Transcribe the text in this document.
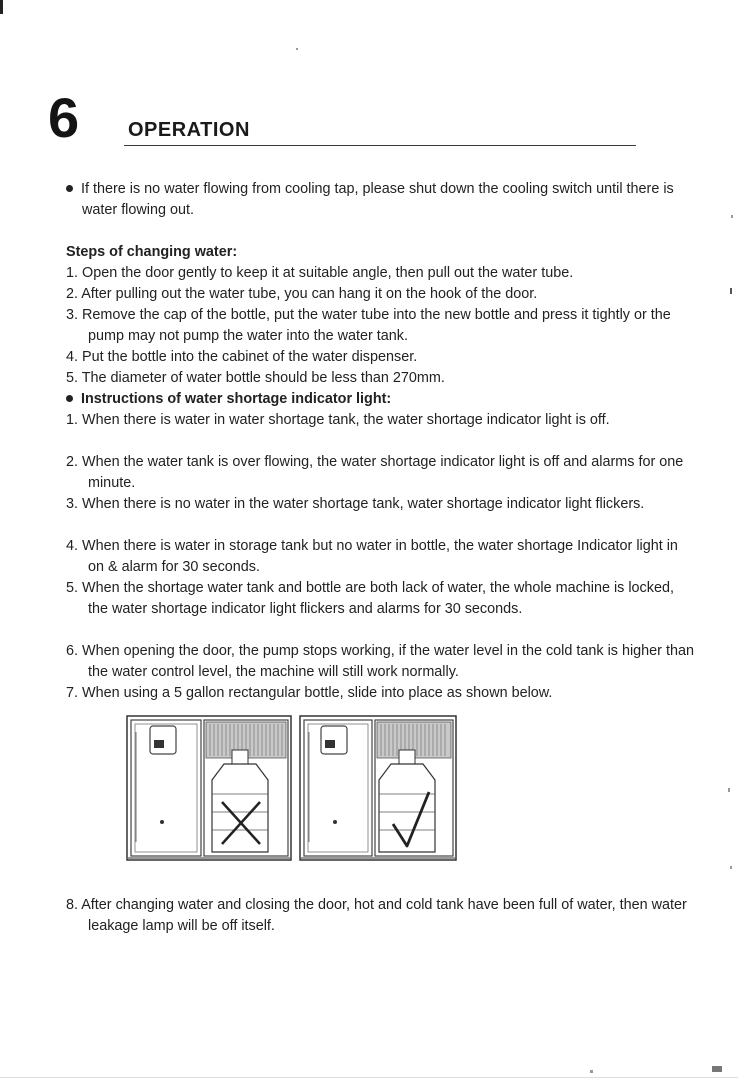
6 OPERATION

If there is no water flowing from cooling tap, please shut down the cooling switch until there is water flowing out.

Steps of changing water:

1. Open the door gently to keep it at suitable angle, then pull out the water tube.

2. After pulling out the water tube, you can hang it on the hook of the door.

3. Remove the cap of the bottle, put the water tube into the new bottle and press it tightly or the pump may not pump the water into the water tank.

4. Put the bottle into the cabinet of the water dispenser.

5. The diameter of water bottle should be less than 270mm.

Instructions of water shortage indicator light:

1. When there is water in water shortage tank, the water shortage indicator light is off.

2. When the water tank is over flowing, the water shortage indicator light is off and alarms for one minute.

3. When there is no water in the water shortage tank, water shortage indicator light flickers.

4. When there is water in storage tank but no water in bottle, the water shortage Indicator light in on & alarm for 30 seconds.

5. When the shortage water tank and bottle are both lack of water, the whole machine is locked, the water shortage indicator light flickers and alarms for 30 seconds.

6. When opening the door, the pump stops working, if the water level in the cold tank is higher than the water control level, the machine will still work normally.

7. When using a 5 gallon rectangular bottle, slide into place as shown below.

8. After changing water and closing the door, hot and cold tank have been full of water, then water leakage lamp will be off itself.
